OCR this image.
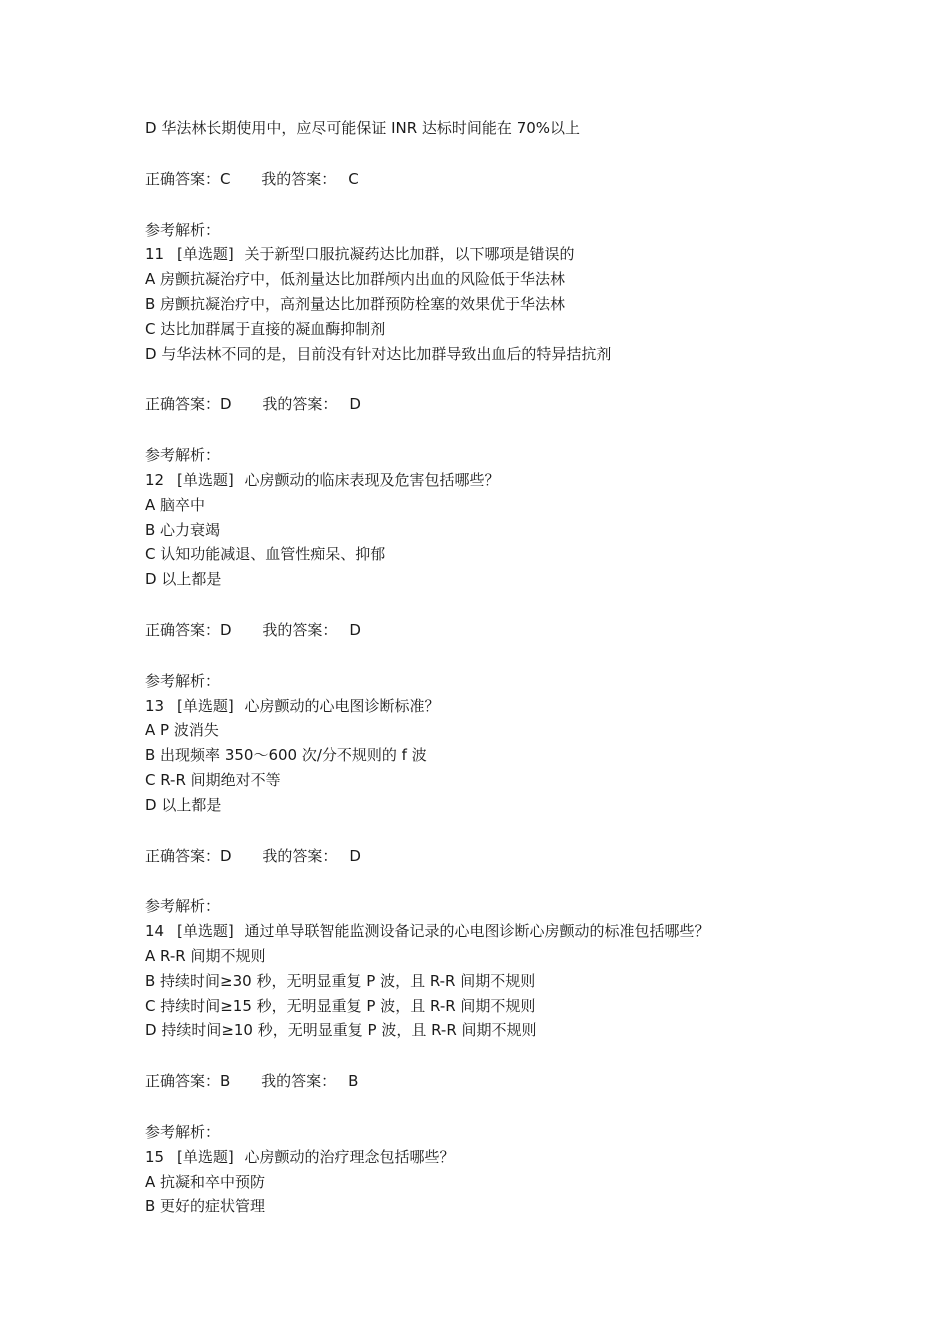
D 华法林长期使用中，应尽可能保证 INR 达标时间能在 70%以上
正确答案：C 我的答案： C
参考解析：
11 [单选题] 关于新型口服抗凝药达比加群，以下哪项是错误的
A 房颤抗凝治疗中，低剂量达比加群颅内出血的风险低于华法林
B 房颤抗凝治疗中，高剂量达比加群预防栓塞的效果优于华法林
C 达比加群属于直接的凝血酶抑制剂
D 与华法林不同的是，目前没有针对达比加群导致出血后的特异拮抗剂
正确答案：D 我的答案： D
参考解析：
12 [单选题] 心房颤动的临床表现及危害包括哪些？
A 脑卒中
B 心力衰竭
C 认知功能减退、血管性痴呆、抑郁
D 以上都是
正确答案：D 我的答案： D
参考解析：
13 [单选题] 心房颤动的心电图诊断标准？
A P 波消失
B 出现频率 350～600 次/分不规则的 f 波
C R-R 间期绝对不等
D 以上都是
正确答案：D 我的答案： D
参考解析：
14 [单选题] 通过单导联智能监测设备记录的心电图诊断心房颤动的标准包括哪些？
A R-R 间期不规则
B 持续时间≥30 秒，无明显重复 P 波，且 R-R 间期不规则
C 持续时间≥15 秒，无明显重复 P 波，且 R-R 间期不规则
D 持续时间≥10 秒，无明显重复 P 波，且 R-R 间期不规则
正确答案：B 我的答案： B
参考解析：
15 [单选题] 心房颤动的治疗理念包括哪些？
A 抗凝和卒中预防
B 更好的症状管理
